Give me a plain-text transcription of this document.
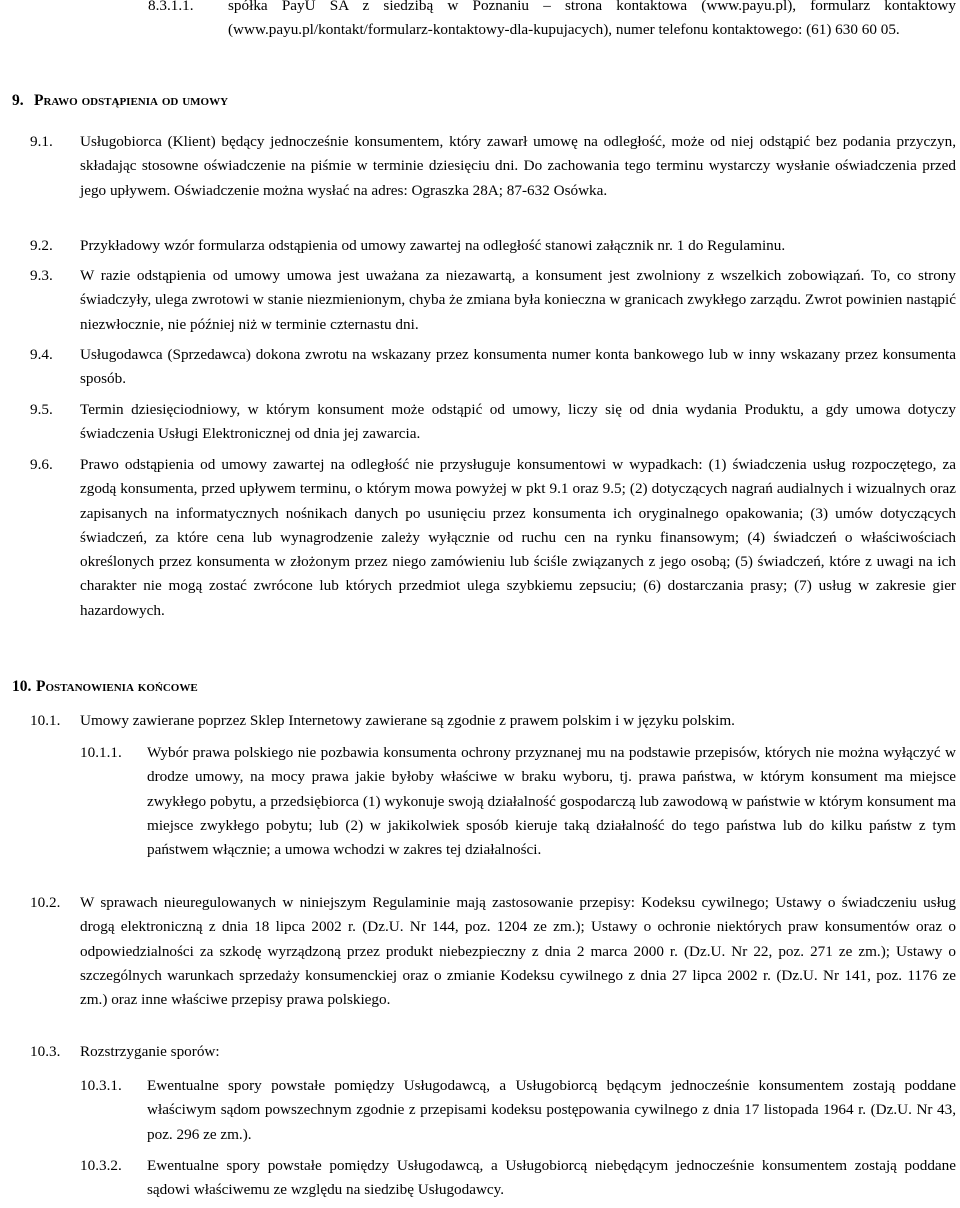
8.3.1.1. spółka PayU SA z siedzibą w Poznaniu – strona kontaktowa (www.payu.pl), formularz kontaktowy (www.payu.pl/kontakt/formularz-kontaktowy-dla-kupujacych), numer telefonu kontaktowego: (61) 630 60 05.
9. Prawo odstąpienia od umowy
9.1. Usługobiorca (Klient) będący jednocześnie konsumentem, który zawarł umowę na odległość, może od niej odstąpić bez podania przyczyn, składając stosowne oświadczenie na piśmie w terminie dziesięciu dni. Do zachowania tego terminu wystarczy wysłanie oświadczenia przed jego upływem. Oświadczenie można wysłać na adres: Ograszka 28A; 87-632 Osówka.
9.2. Przykładowy wzór formularza odstąpienia od umowy zawartej na odległość stanowi załącznik nr. 1 do Regulaminu.
9.3. W razie odstąpienia od umowy umowa jest uważana za niezawartą, a konsument jest zwolniony z wszelkich zobowiązań. To, co strony świadczyły, ulega zwrotowi w stanie niezmienionym, chyba że zmiana była konieczna w granicach zwykłego zarządu. Zwrot powinien nastąpić niezwłocznie, nie później niż w terminie czternastu dni.
9.4. Usługodawca (Sprzedawca) dokona zwrotu na wskazany przez konsumenta numer konta bankowego lub w inny wskazany przez konsumenta sposób.
9.5. Termin dziesięciodniowy, w którym konsument może odstąpić od umowy, liczy się od dnia wydania Produktu, a gdy umowa dotyczy świadczenia Usługi Elektronicznej od dnia jej zawarcia.
9.6. Prawo odstąpienia od umowy zawartej na odległość nie przysługuje konsumentowi w wypadkach: (1) świadczenia usług rozpoczętego, za zgodą konsumenta, przed upływem terminu, o którym mowa powyżej w pkt 9.1 oraz 9.5; (2) dotyczących nagrań audialnych i wizualnych oraz zapisanych na informatycznych nośnikach danych po usunięciu przez konsumenta ich oryginalnego opakowania; (3) umów dotyczących świadczeń, za które cena lub wynagrodzenie zależy wyłącznie od ruchu cen na rynku finansowym; (4) świadczeń o właściwościach określonych przez konsumenta w złożonym przez niego zamówieniu lub ściśle związanych z jego osobą; (5) świadczeń, które z uwagi na ich charakter nie mogą zostać zwrócone lub których przedmiot ulega szybkiemu zepsuciu; (6) dostarczania prasy; (7) usług w zakresie gier hazardowych.
10. Postanowienia końcowe
10.1. Umowy zawierane poprzez Sklep Internetowy zawierane są zgodnie z prawem polskim i w języku polskim.
10.1.1. Wybór prawa polskiego nie pozbawia konsumenta ochrony przyznanej mu na podstawie przepisów, których nie można wyłączyć w drodze umowy, na mocy prawa jakie byłoby właściwe w braku wyboru, tj. prawa państwa, w którym konsument ma miejsce zwykłego pobytu, a przedsiębiorca (1) wykonuje swoją działalność gospodarczą lub zawodową w państwie w którym konsument ma miejsce zwykłego pobytu; lub (2) w jakikolwiek sposób kieruje taką działalność do tego państwa lub do kilku państw z tym państwem włącznie; a umowa wchodzi w zakres tej działalności.
10.2. W sprawach nieuregulowanych w niniejszym Regulaminie mają zastosowanie przepisy: Kodeksu cywilnego; Ustawy o świadczeniu usług drogą elektroniczną z dnia 18 lipca 2002 r. (Dz.U. Nr 144, poz. 1204 ze zm.); Ustawy o ochronie niektórych praw konsumentów oraz o odpowiedzialności za szkodę wyrządzoną przez produkt niebezpieczny z dnia 2 marca 2000 r. (Dz.U. Nr 22, poz. 271 ze zm.); Ustawy o szczególnych warunkach sprzedaży konsumenckiej oraz o zmianie Kodeksu cywilnego z dnia 27 lipca 2002 r. (Dz.U. Nr 141, poz. 1176 ze zm.) oraz inne właściwe przepisy prawa polskiego.
10.3. Rozstrzyganie sporów:
10.3.1. Ewentualne spory powstałe pomiędzy Usługodawcą, a Usługobiorcą będącym jednocześnie konsumentem zostają poddane właściwym sądom powszechnym zgodnie z przepisami kodeksu postępowania cywilnego z dnia 17 listopada 1964 r. (Dz.U. Nr 43, poz. 296 ze zm.).
10.3.2. Ewentualne spory powstałe pomiędzy Usługodawcą, a Usługobiorcą niebędącym jednocześnie konsumentem zostają poddane sądowi właściwemu ze względu na siedzibę Usługodawcy.
